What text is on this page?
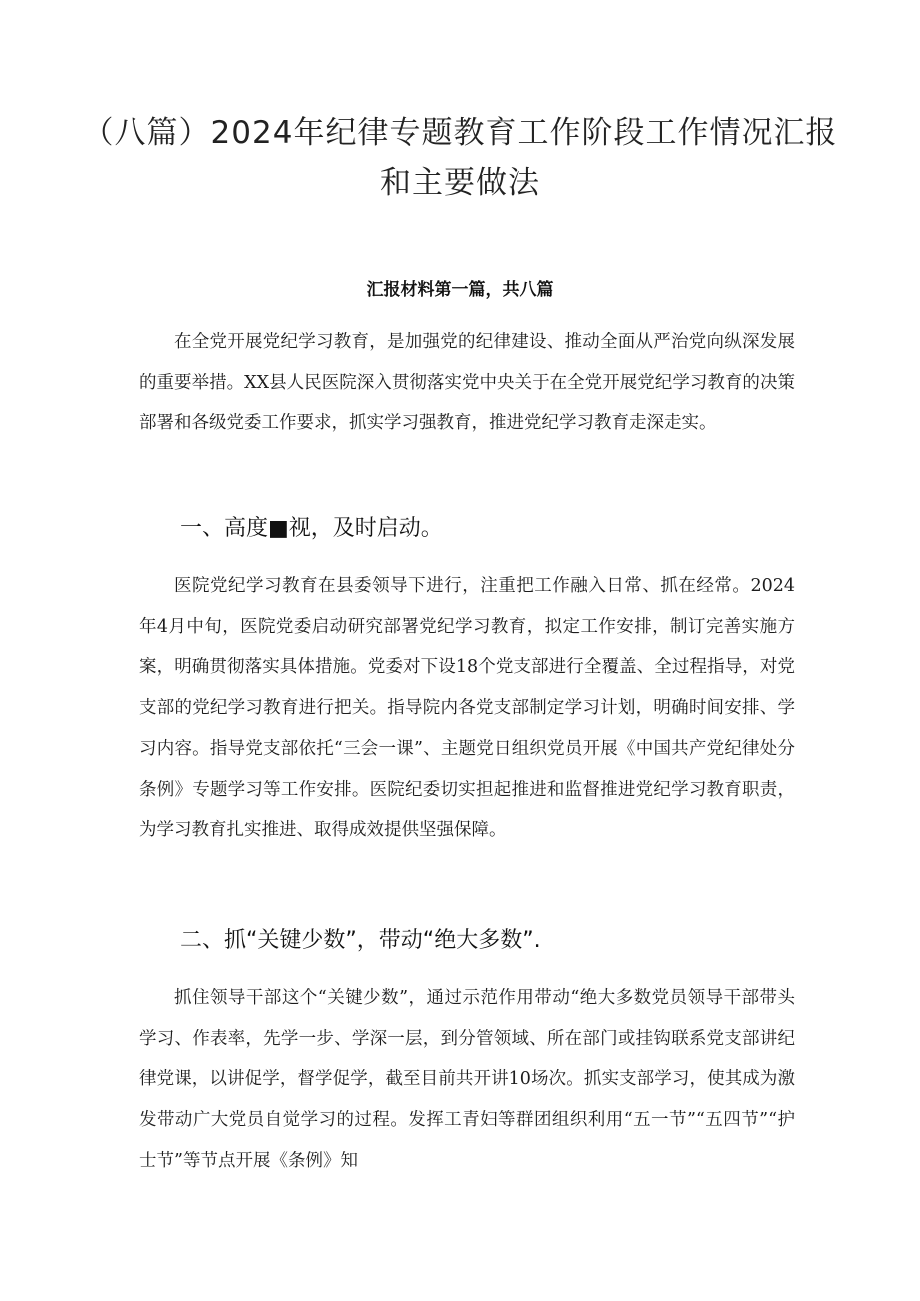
（八篇）2024年纪律专题教育工作阶段工作情况汇报和主要做法
汇报材料第一篇，共八篇
在全党开展党纪学习教育，是加强党的纪律建设、推动全面从严治党向纵深发展的重要举措。XX县人民医院深入贯彻落实党中央关于在全党开展党纪学习教育的决策部署和各级党委工作要求，抓实学习强教育，推进党纪学习教育走深走实。
一、高度■视，及时启动。
医院党纪学习教育在县委领导下进行，注重把工作融入日常、抓在经常。2024年4月中旬，医院党委启动研究部署党纪学习教育，拟定工作安排，制订完善实施方案，明确贯彻落实具体措施。党委对下设18个党支部进行全覆盖、全过程指导，对党支部的党纪学习教育进行把关。指导院内各党支部制定学习计划，明确时间安排、学习内容。指导党支部依托“三会一课”、主题党日组织党员开展《中国共产党纪律处分条例》专题学习等工作安排。医院纪委切实担起推进和监督推进党纪学习教育职责，为学习教育扎实推进、取得成效提供坚强保障。
二、抓“关键少数”，带动“绝大多数”.
抓住领导干部这个“关键少数”，通过示范作用带动“绝大多数党员领导干部带头学习、作表率，先学一步、学深一层，到分管领域、所在部门或挂钩联系党支部讲纪律党课，以讲促学，督学促学，截至目前共开讲10场次。抓实支部学习，使其成为激发带动广大党员自觉学习的过程。发挥工青妇等群团组织利用“五一节”“五四节”“护士节”等节点开展《条例》知
